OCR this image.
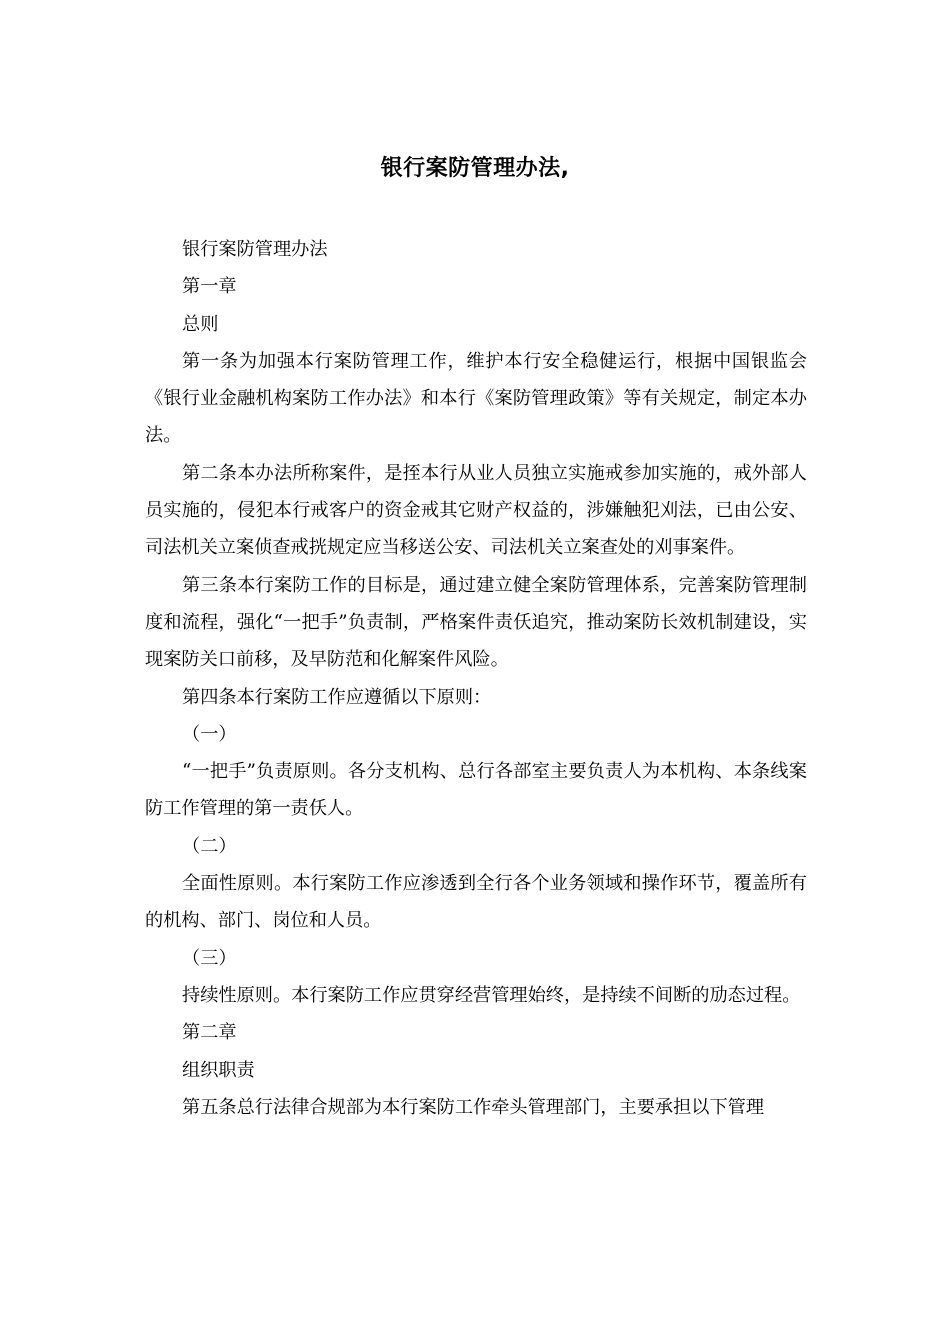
银行案防管理办法,

银行案防管理办法

第一章

总则

第一条为加强本行案防管理工作，维护本行安全稳健运行，根据中国银监会《银行业金融机构案防工作办法》和本行《案防管理政策》等有关规定，制定本办法。

第二条本办法所称案件，是挃本行从业人员独立实施戒参加实施的，戒外部人员实施的，侵犯本行戒客户的资金戒其它财产权益的，涉嫌触犯刈法，已由公安、司法机关立案侦查戒挄规定应当移送公安、司法机关立案查处的刈事案件。

第三条本行案防工作的目标是，通过建立健全案防管理体系，完善案防管理制度和流程，强化“一把手”负责制，严格案件责仸追究，推动案防长效机制建设，实现案防关口前移，及早防范和化解案件风险。

第四条本行案防工作应遵循以下原则：

（一）

“一把手”负责原则。各分支机构、总行各部室主要负责人为本机构、本条线案防工作管理的第一责仸人。

（二）

全面性原则。本行案防工作应渗透到全行各个业务领域和操作环节，覆盖所有的机构、部门、岗位和人员。

（三）

持续性原则。本行案防工作应贯穿经营管理始终，是持续不间断的劢态过程。

第二章

组织职责

第五条总行法律合规部为本行案防工作牵头管理部门，主要承担以下管理
